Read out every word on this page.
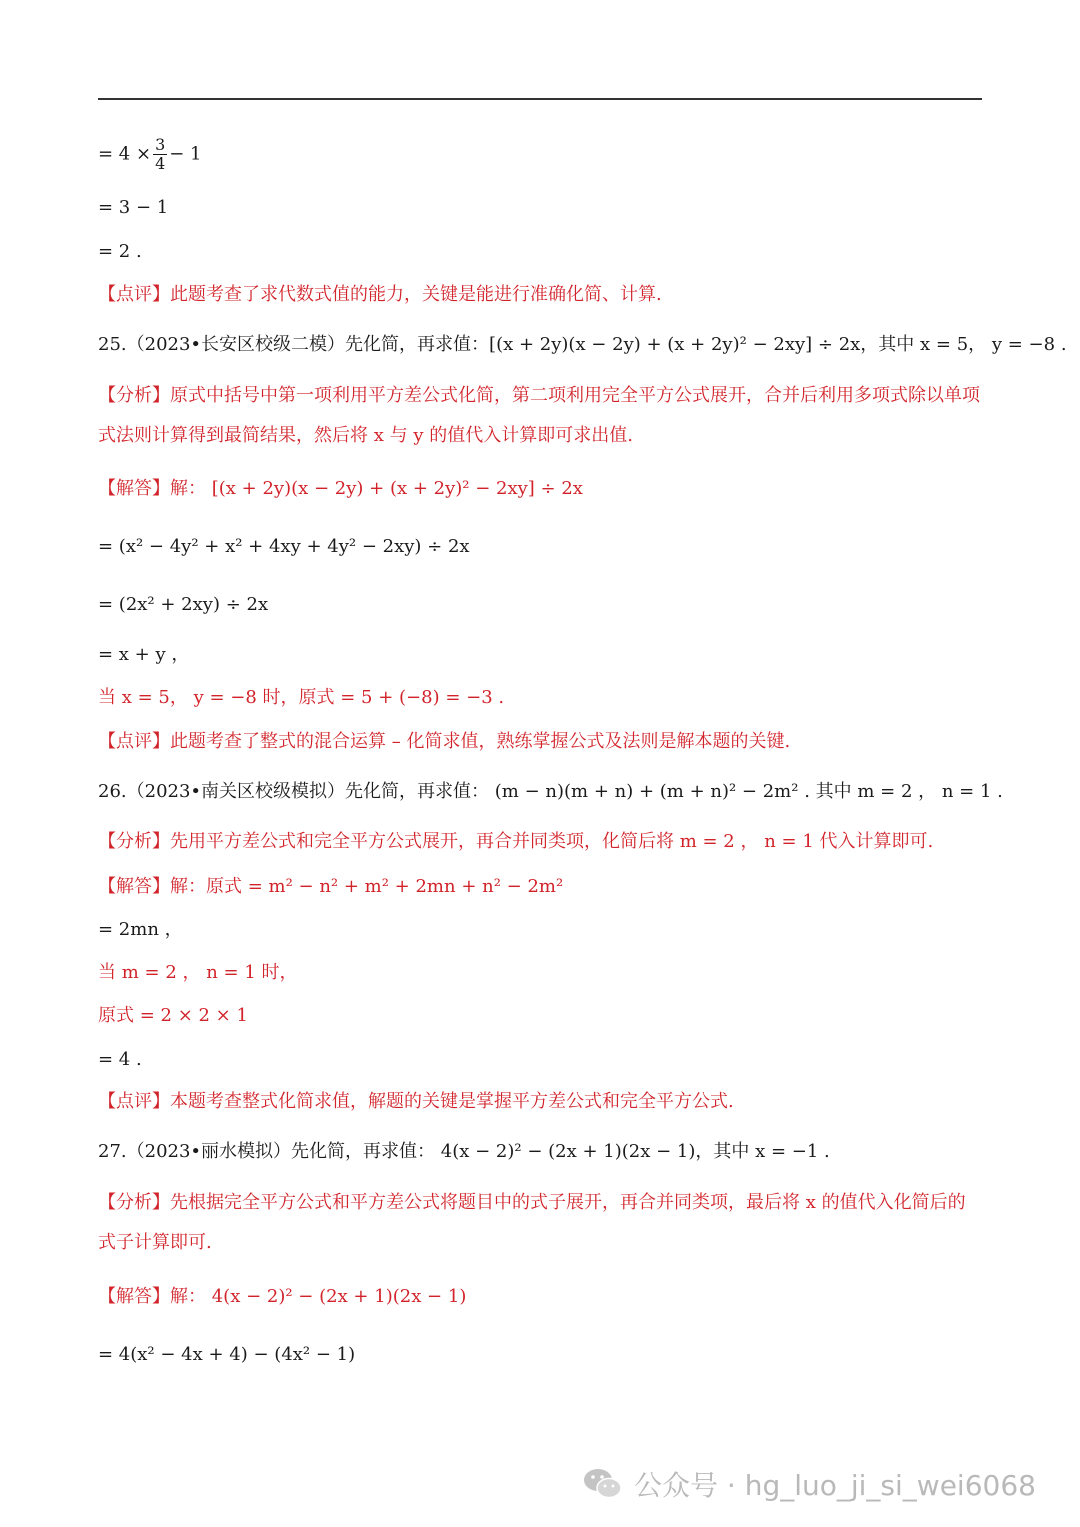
= $4 \times \frac{3}{4} - 1$
= 3 − 1
= 2 .
【点评】此题考查了求代数式值的能力，关键是能进行准确化简、计算.
25.（2023•长安区校级二模）先化简，再求值：[(x + 2y)(x − 2y) + (x + 2y)² − 2xy] ÷ 2x，其中 x = 5， y = −8 .
【分析】原式中括号中第一项利用平方差公式化简，第二项利用完全平方公式展开，合并后利用多项式除以单项式法则计算得到最简结果，然后将 x 与 y 的值代入计算即可求出值.
【解答】解： [(x + 2y)(x − 2y) + (x + 2y)² − 2xy] ÷ 2x
= (x² − 4y² + x² + 4xy + 4y² − 2xy) ÷ 2x
= (2x² + 2xy) ÷ 2x
= x + y ，
当 x = 5， y = −8 时，原式 = 5 + (−8) = −3 .
【点评】此题考查了整式的混合运算 – 化简求值，熟练掌握公式及法则是解本题的关键.
26.（2023•南关区校级模拟）先化简，再求值： (m − n)(m + n) + (m + n)² − 2m² . 其中 m = 2 ， n = 1 .
【分析】先用平方差公式和完全平方公式展开，再合并同类项，化简后将 m = 2 ， n = 1 代入计算即可.
【解答】解：原式 = m² − n² + m² + 2mn + n² − 2m²
= 2mn ，
当 m = 2 ， n = 1 时，
原式 = 2 × 2 × 1
= 4 .
【点评】本题考查整式化简求值，解题的关键是掌握平方差公式和完全平方公式.
27.（2023•丽水模拟）先化简，再求值： 4(x − 2)² − (2x + 1)(2x − 1)，其中 x = −1 .
【分析】先根据完全平方公式和平方差公式将题目中的式子展开，再合并同类项，最后将 x 的值代入化简后的式子计算即可.
【解答】解： 4(x − 2)² − (2x + 1)(2x − 1)
= 4(x² − 4x + 4) − (4x² − 1)
公众号 · hg_luo_ji_si_wei6068
